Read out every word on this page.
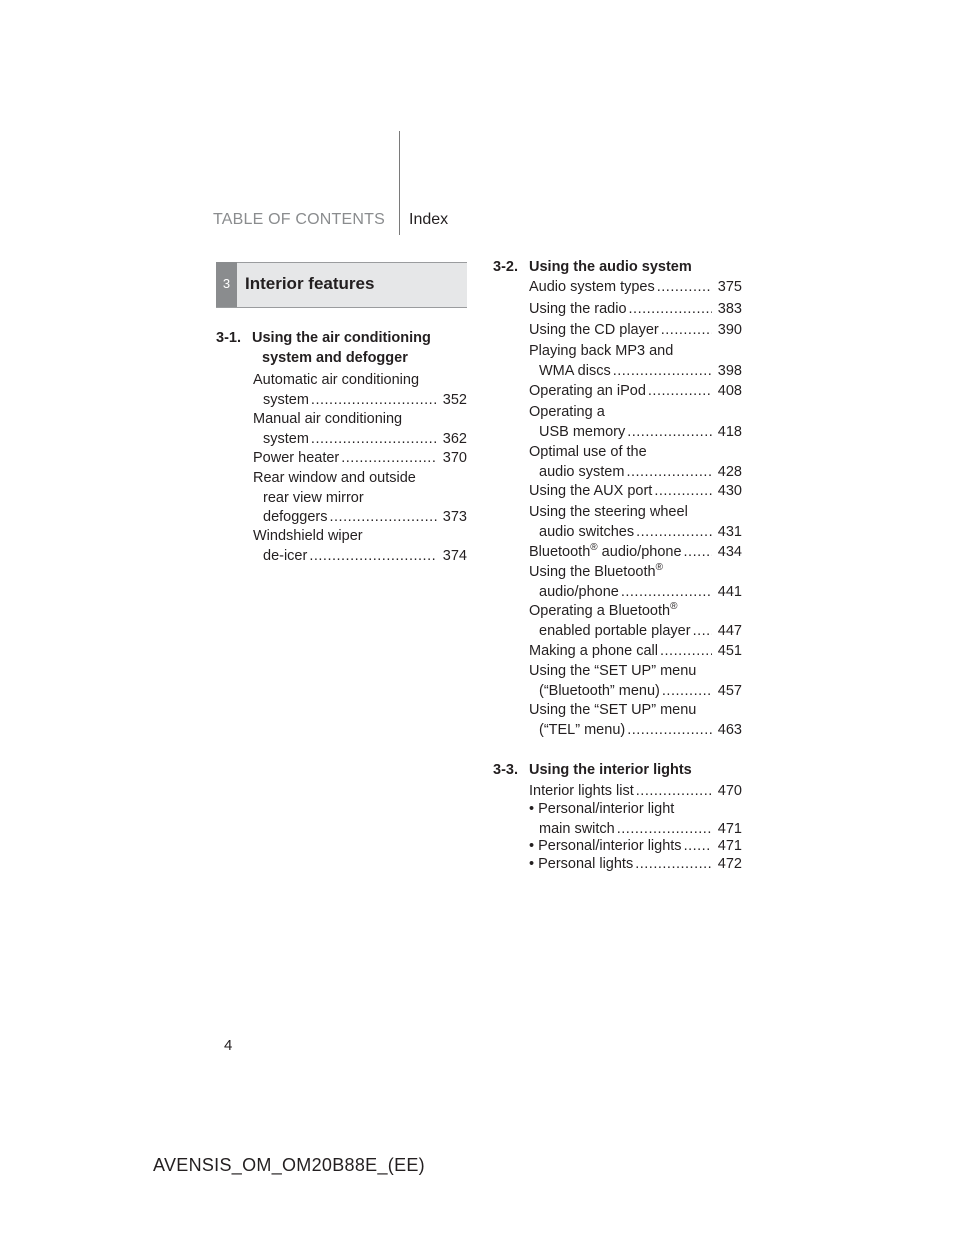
TABLE OF CONTENTS Index
3 Interior features
3-1. Using the air conditioning
system and defogger
Automatic air conditioning
system .....	352
Manual air conditioning
system .....	362
Power heater .....	370
Rear window and outside
rear view mirror
defoggers .....	373
Windshield wiper
de-icer .....	374
3-2. Using the audio system
Audio system types .....	375
Using the radio .....	383
Using the CD player .....	390
Playing back MP3 and
WMA discs .....	398
Operating an iPod .....	408
Operating a
USB memory .....	418
Optimal use of the
audio system .....	428
Using the AUX port .....	430
Using the steering wheel
audio switches .....	431
Bluetooth® audio/phone .....	434
Using the Bluetooth®
audio/phone .....	441
Operating a Bluetooth®
enabled portable player ..... 447
Making a phone call .....	451
Using the “SET UP” menu
(“Bluetooth” menu) .....	457
Using the “SET UP” menu
(“TEL” menu) .....	463
3-3. Using the interior lights
Interior lights list .....	470
• Personal/interior light
main switch .....	471
• Personal/interior lights ..... 471
• Personal lights .....	472
4
AVENSIS_OM_OM20B88E_(EE)
